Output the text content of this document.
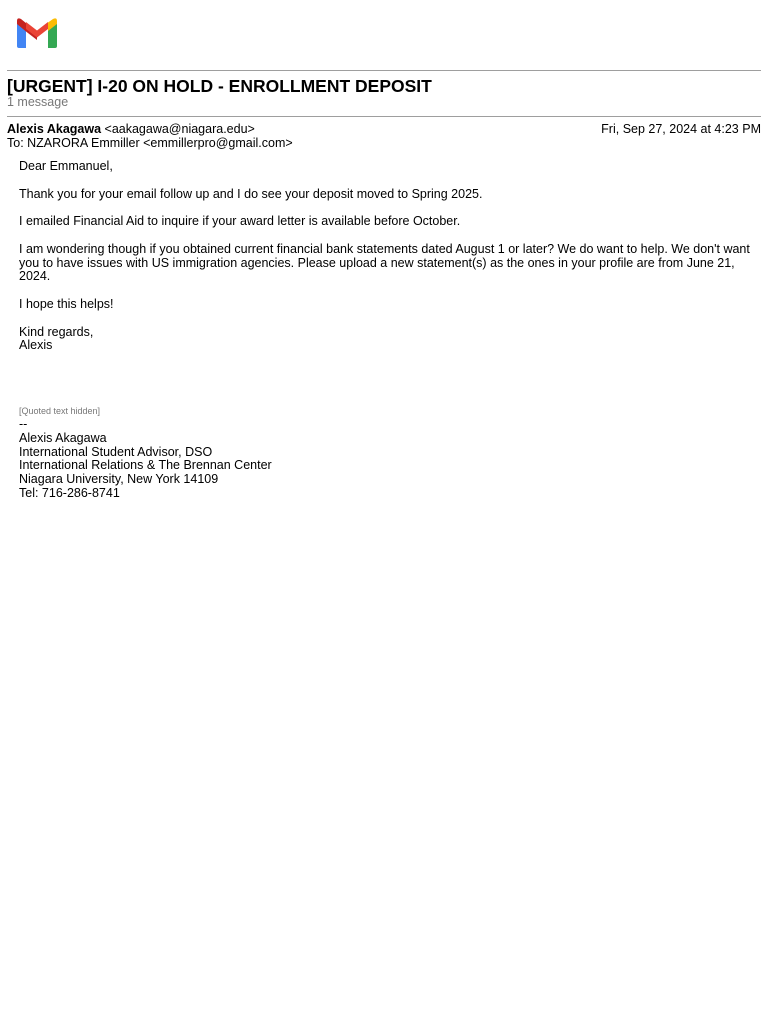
[URGENT] I-20 ON HOLD - ENROLLMENT DEPOSIT
1 message
Alexis Akagawa <aakagawa@niagara.edu>	Fri, Sep 27, 2024 at 4:23 PM
To: NZARORA Emmiller <emmillerpro@gmail.com>

Dear Emmanuel,

Thank you for your email follow up and I do see your deposit moved to Spring 2025.

I emailed Financial Aid to inquire if your award letter is available before October.

I am wondering though if you obtained current financial bank statements dated August 1 or later? We do want to help. We don't want you to have issues with US immigration agencies. Please upload a new statement(s) as the ones in your profile are from June 21, 2024.

I hope this helps!

Kind regards,
Alexis
[Quoted text hidden]
--
Alexis Akagawa
International Student Advisor, DSO
International Relations & The Brennan Center
Niagara University, New York 14109
Tel: 716-286-8741
